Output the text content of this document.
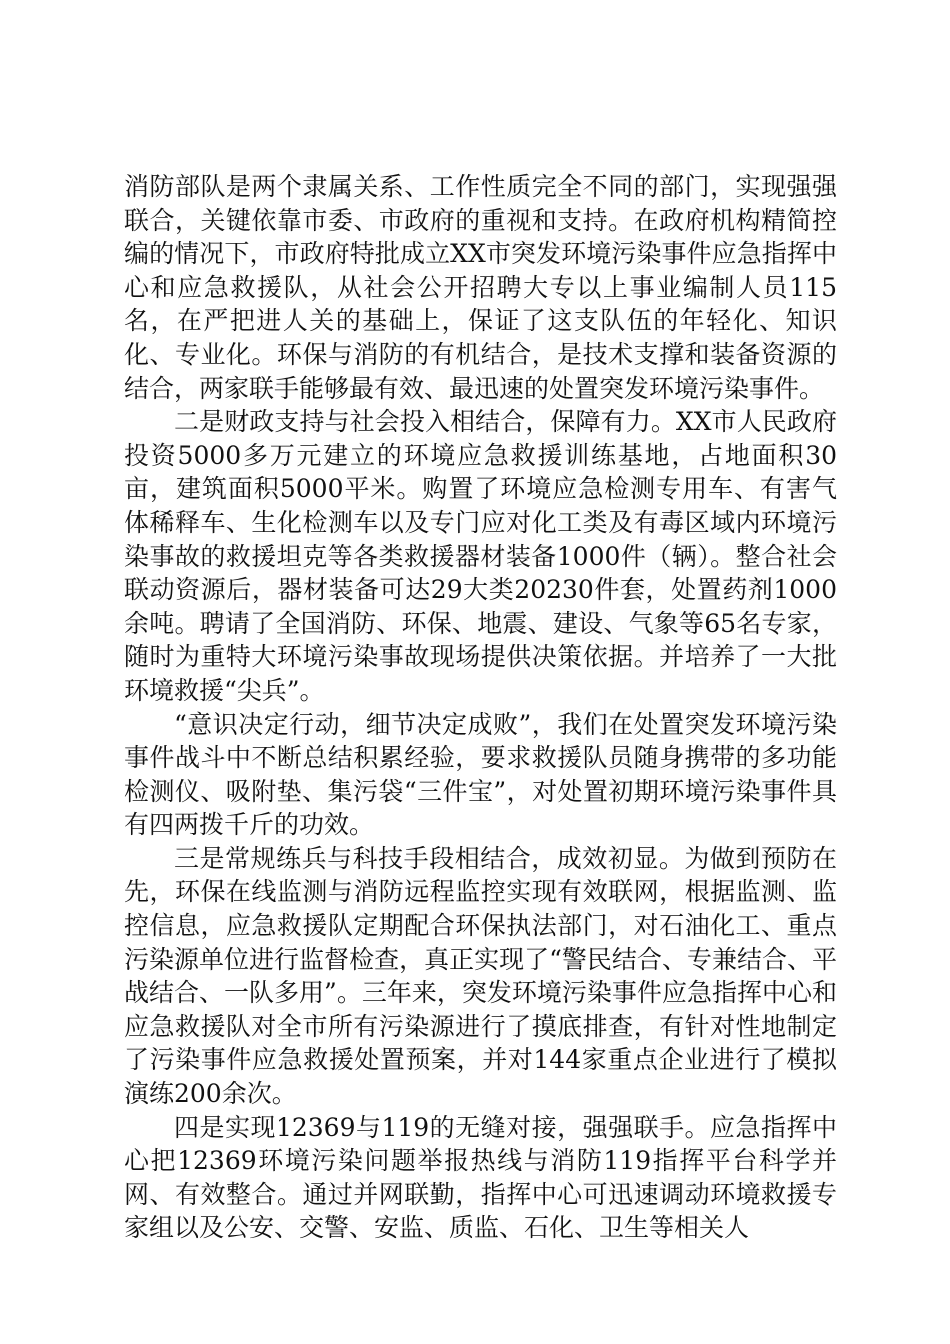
消防部队是两个隶属关系、工作性质完全不同的部门，实现强强联合，关键依靠市委、市政府的重视和支持。在政府机构精简控编的情况下，市政府特批成立XX市突发环境污染事件应急指挥中心和应急救援队，从社会公开招聘大专以上事业编制人员115名，在严把进人关的基础上，保证了这支队伍的年轻化、知识化、专业化。环保与消防的有机结合，是技术支撑和装备资源的结合，两家联手能够最有效、最迅速的处置突发环境污染事件。

二是财政支持与社会投入相结合，保障有力。XX市人民政府投资5000多万元建立的环境应急救援训练基地，占地面积30亩，建筑面积5000平米。购置了环境应急检测专用车、有害气体稀释车、生化检测车以及专门应对化工类及有毒区域内环境污染事故的救援坦克等各类救援器材装备1000件（辆）。整合社会联动资源后，器材装备可达29大类20230件套，处置药剂1000余吨。聘请了全国消防、环保、地震、建设、气象等65名专家，随时为重特大环境污染事故现场提供决策依据。并培养了一大批环境救援“尖兵”。

“意识决定行动，细节决定成败”，我们在处置突发环境污染事件战斗中不断总结积累经验，要求救援队员随身携带的多功能检测仪、吸附垫、集污袋“三件宝”，对处置初期环境污染事件具有四两拨千斤的功效。

三是常规练兵与科技手段相结合，成效初显。为做到预防在先，环保在线监测与消防远程监控实现有效联网，根据监测、监控信息，应急救援队定期配合环保执法部门，对石油化工、重点污染源单位进行监督检查，真正实现了“警民结合、专兼结合、平战结合、一队多用”。三年来，突发环境污染事件应急指挥中心和应急救援队对全市所有污染源进行了摸底排查，有针对性地制定了污染事件应急救援处置预案，并对144家重点企业进行了模拟演练200余次。

四是实现12369与119的无缝对接，强强联手。应急指挥中心把12369环境污染问题举报热线与消防119指挥平台科学并网、有效整合。通过并网联勤，指挥中心可迅速调动环境救援专家组以及公安、交警、安监、质监、石化、卫生等相关人
